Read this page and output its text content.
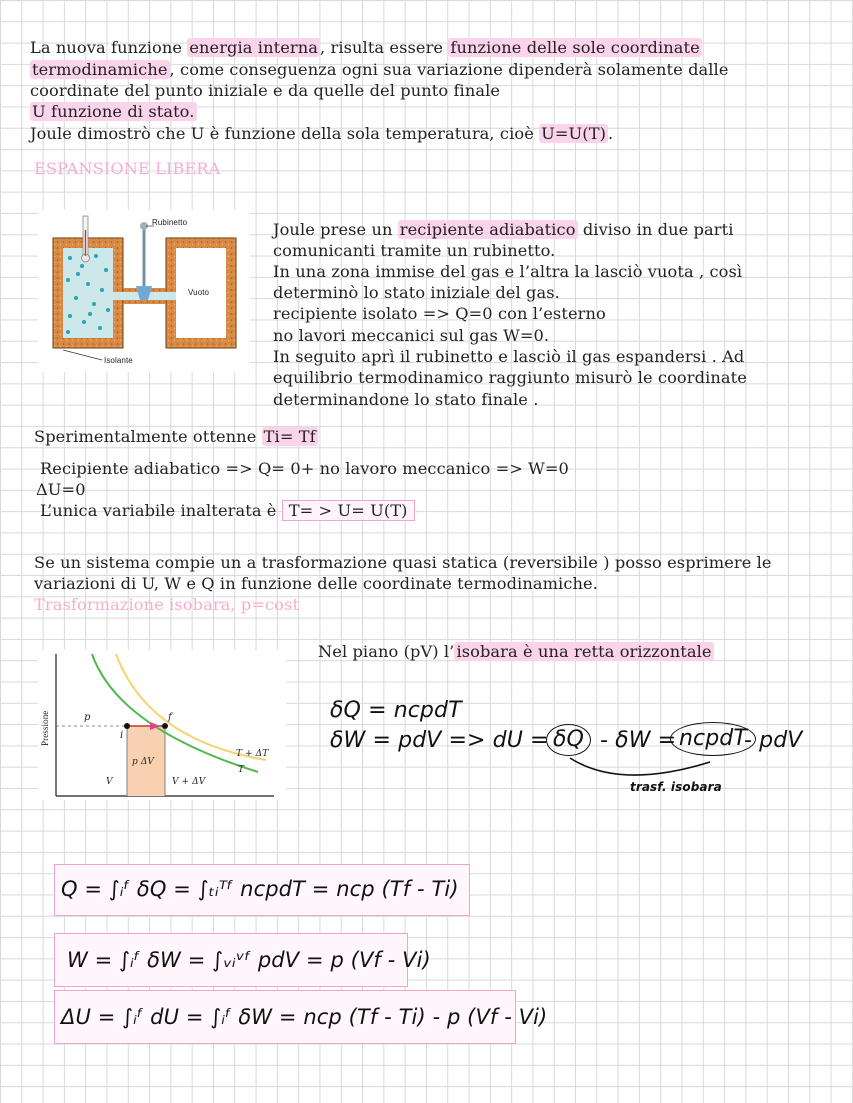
La nuova funzione energia interna , risulta essere funzione delle sole coordinate
termodinamiche , come conseguenza ogni sua variazione dipenderà solamente dalle
coordinate del punto iniziale e da quelle del punto finale
U funzione di stato.
Joule dimostrò che U è funzione della sola temperatura, cioè U=U(T) .
ESPANSIONE LIBERA
Rubinetto
Vuoto
Isolante
Joule prese un recipiente adiabatico diviso in due parti
comunicanti tramite un rubinetto.
In una zona immise del gas e l’altra la lasciò vuota , così
determinò lo stato iniziale del gas.
recipiente isolato => Q=0 con l’esterno
no lavori meccanici sul gas W=0.
In seguito aprì il rubinetto e lasciò il gas espandersi . Ad
equilibrio termodinamico raggiunto misurò le coordinate
determinandone lo stato finale .
Sperimentalmente ottenne Ti= Tf
Recipiente adiabatico => Q= 0+ no lavoro meccanico => W=0
ΔU=0
L’unica variabile inalterata è T= > U= U(T)
Se un sistema compie un a trasformazione quasi statica (reversibile ) posso esprimere le
variazioni di U, W e Q in funzione delle coordinate termodinamiche.
Trasformazione isobara, p=cost
Pressione	p
i
f
p ΔV
T + ΔT
T
V	V + ΔV
Nel piano (pV) l’ isobara è una retta orizzontale
δQ = ncpdT
δW = pdV => dU = δQ - δW = ncpdT
- pdV
trasf. isobara
Q = ∫ᵢᶠ δQ = ∫ₜᵢᵀᶠ ncpdT = ncp (Tf - Ti)
W = ∫ᵢᶠ δW = ∫ᵥᵢᵛᶠ pdV = p (Vf - Vi)
ΔU = ∫ᵢᶠ dU = ∫ᵢᶠ δW = ncp (Tf - Ti) - p (Vf - Vi)
